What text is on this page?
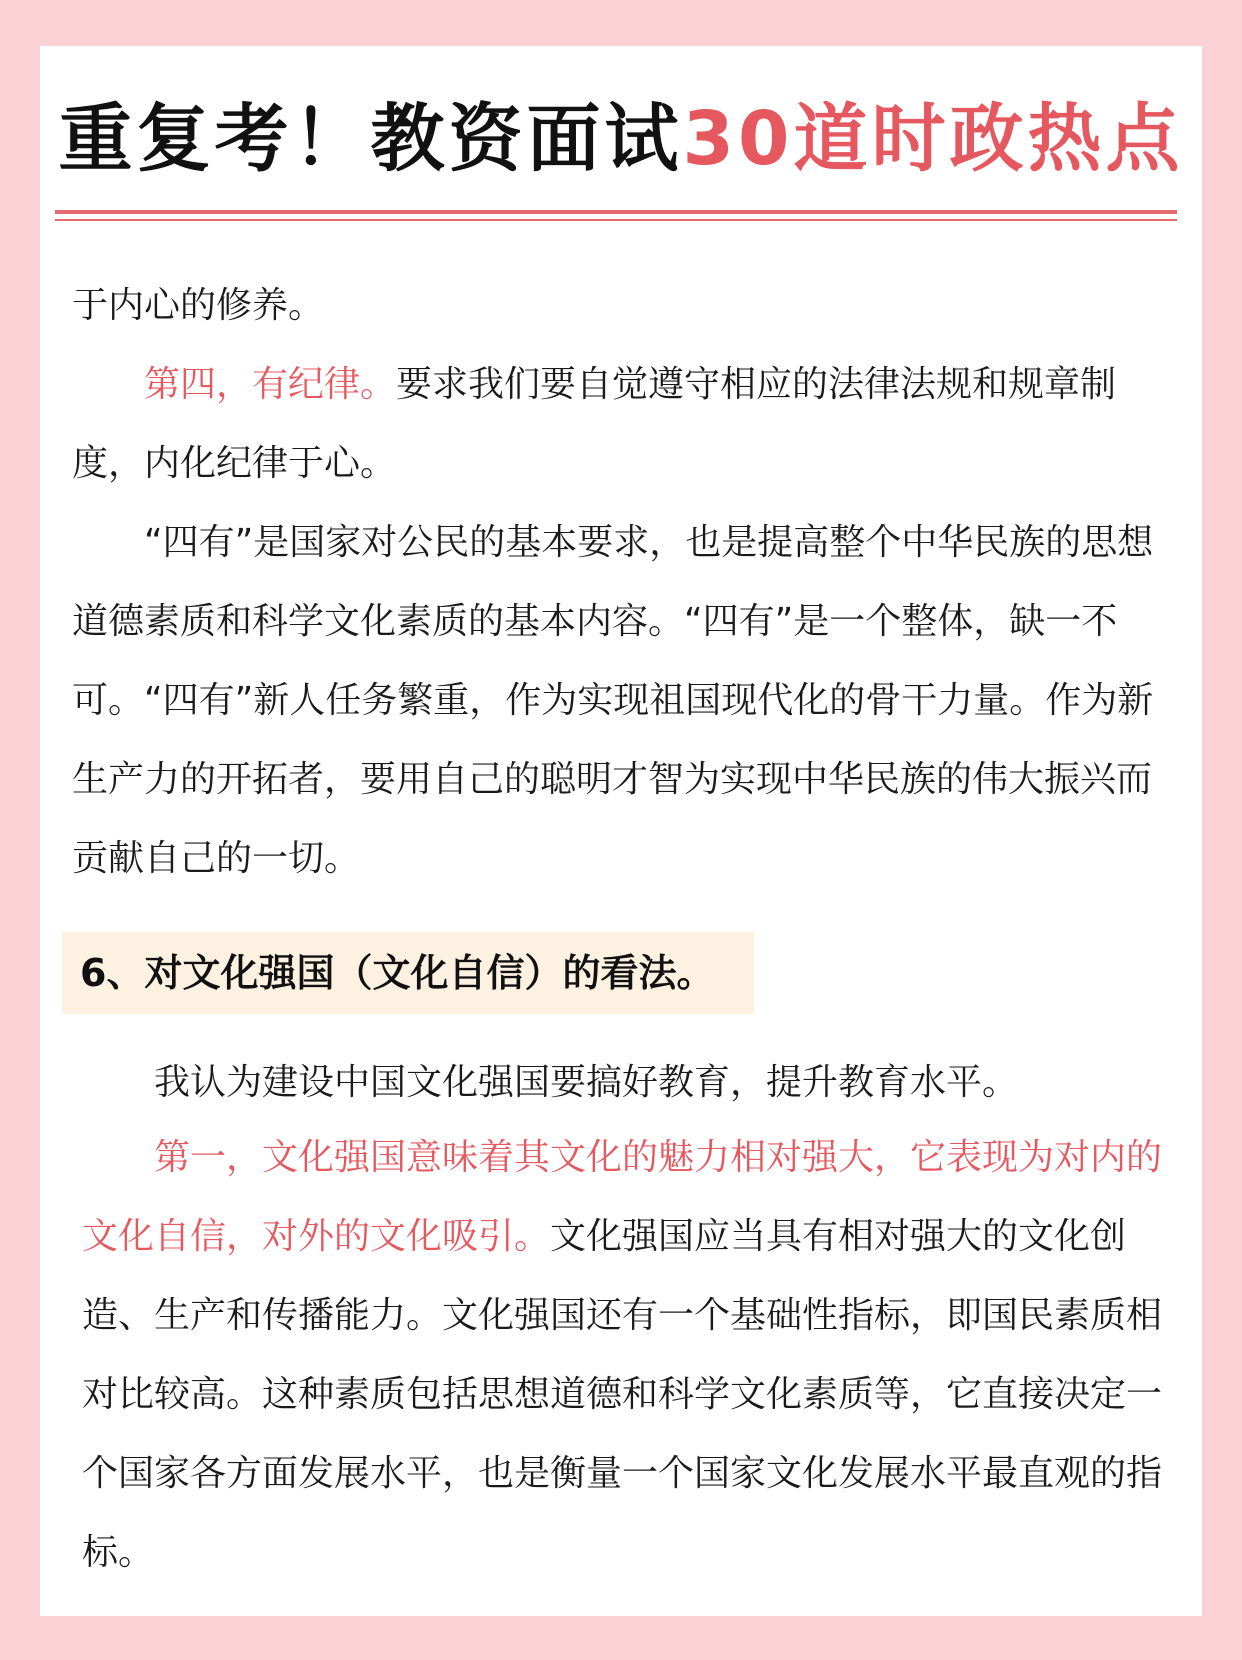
重复考！教资面试30道时政热点

于内心的修养。

第四，有纪律。要求我们要自觉遵守相应的法律法规和规章制度，内化纪律于心。

“四有”是国家对公民的基本要求，也是提高整个中华民族的思想道德素质和科学文化素质的基本内容。“四有”是一个整体，缺一不可。“四有”新人任务繁重，作为实现祖国现代化的骨干力量。作为新生产力的开拓者，要用自己的聪明才智为实现中华民族的伟大振兴而贡献自己的一切。

6、对文化强国（文化自信）的看法。

我认为建设中国文化强国要搞好教育，提升教育水平。

第一，文化强国意味着其文化的魅力相对强大，它表现为对内的文化自信，对外的文化吸引。文化强国应当具有相对强大的文化创造、生产和传播能力。文化强国还有一个基础性指标，即国民素质相对比较高。这种素质包括思想道德和科学文化素质等，它直接决定一个国家各方面发展水平，也是衡量一个国家文化发展水平最直观的指标。
